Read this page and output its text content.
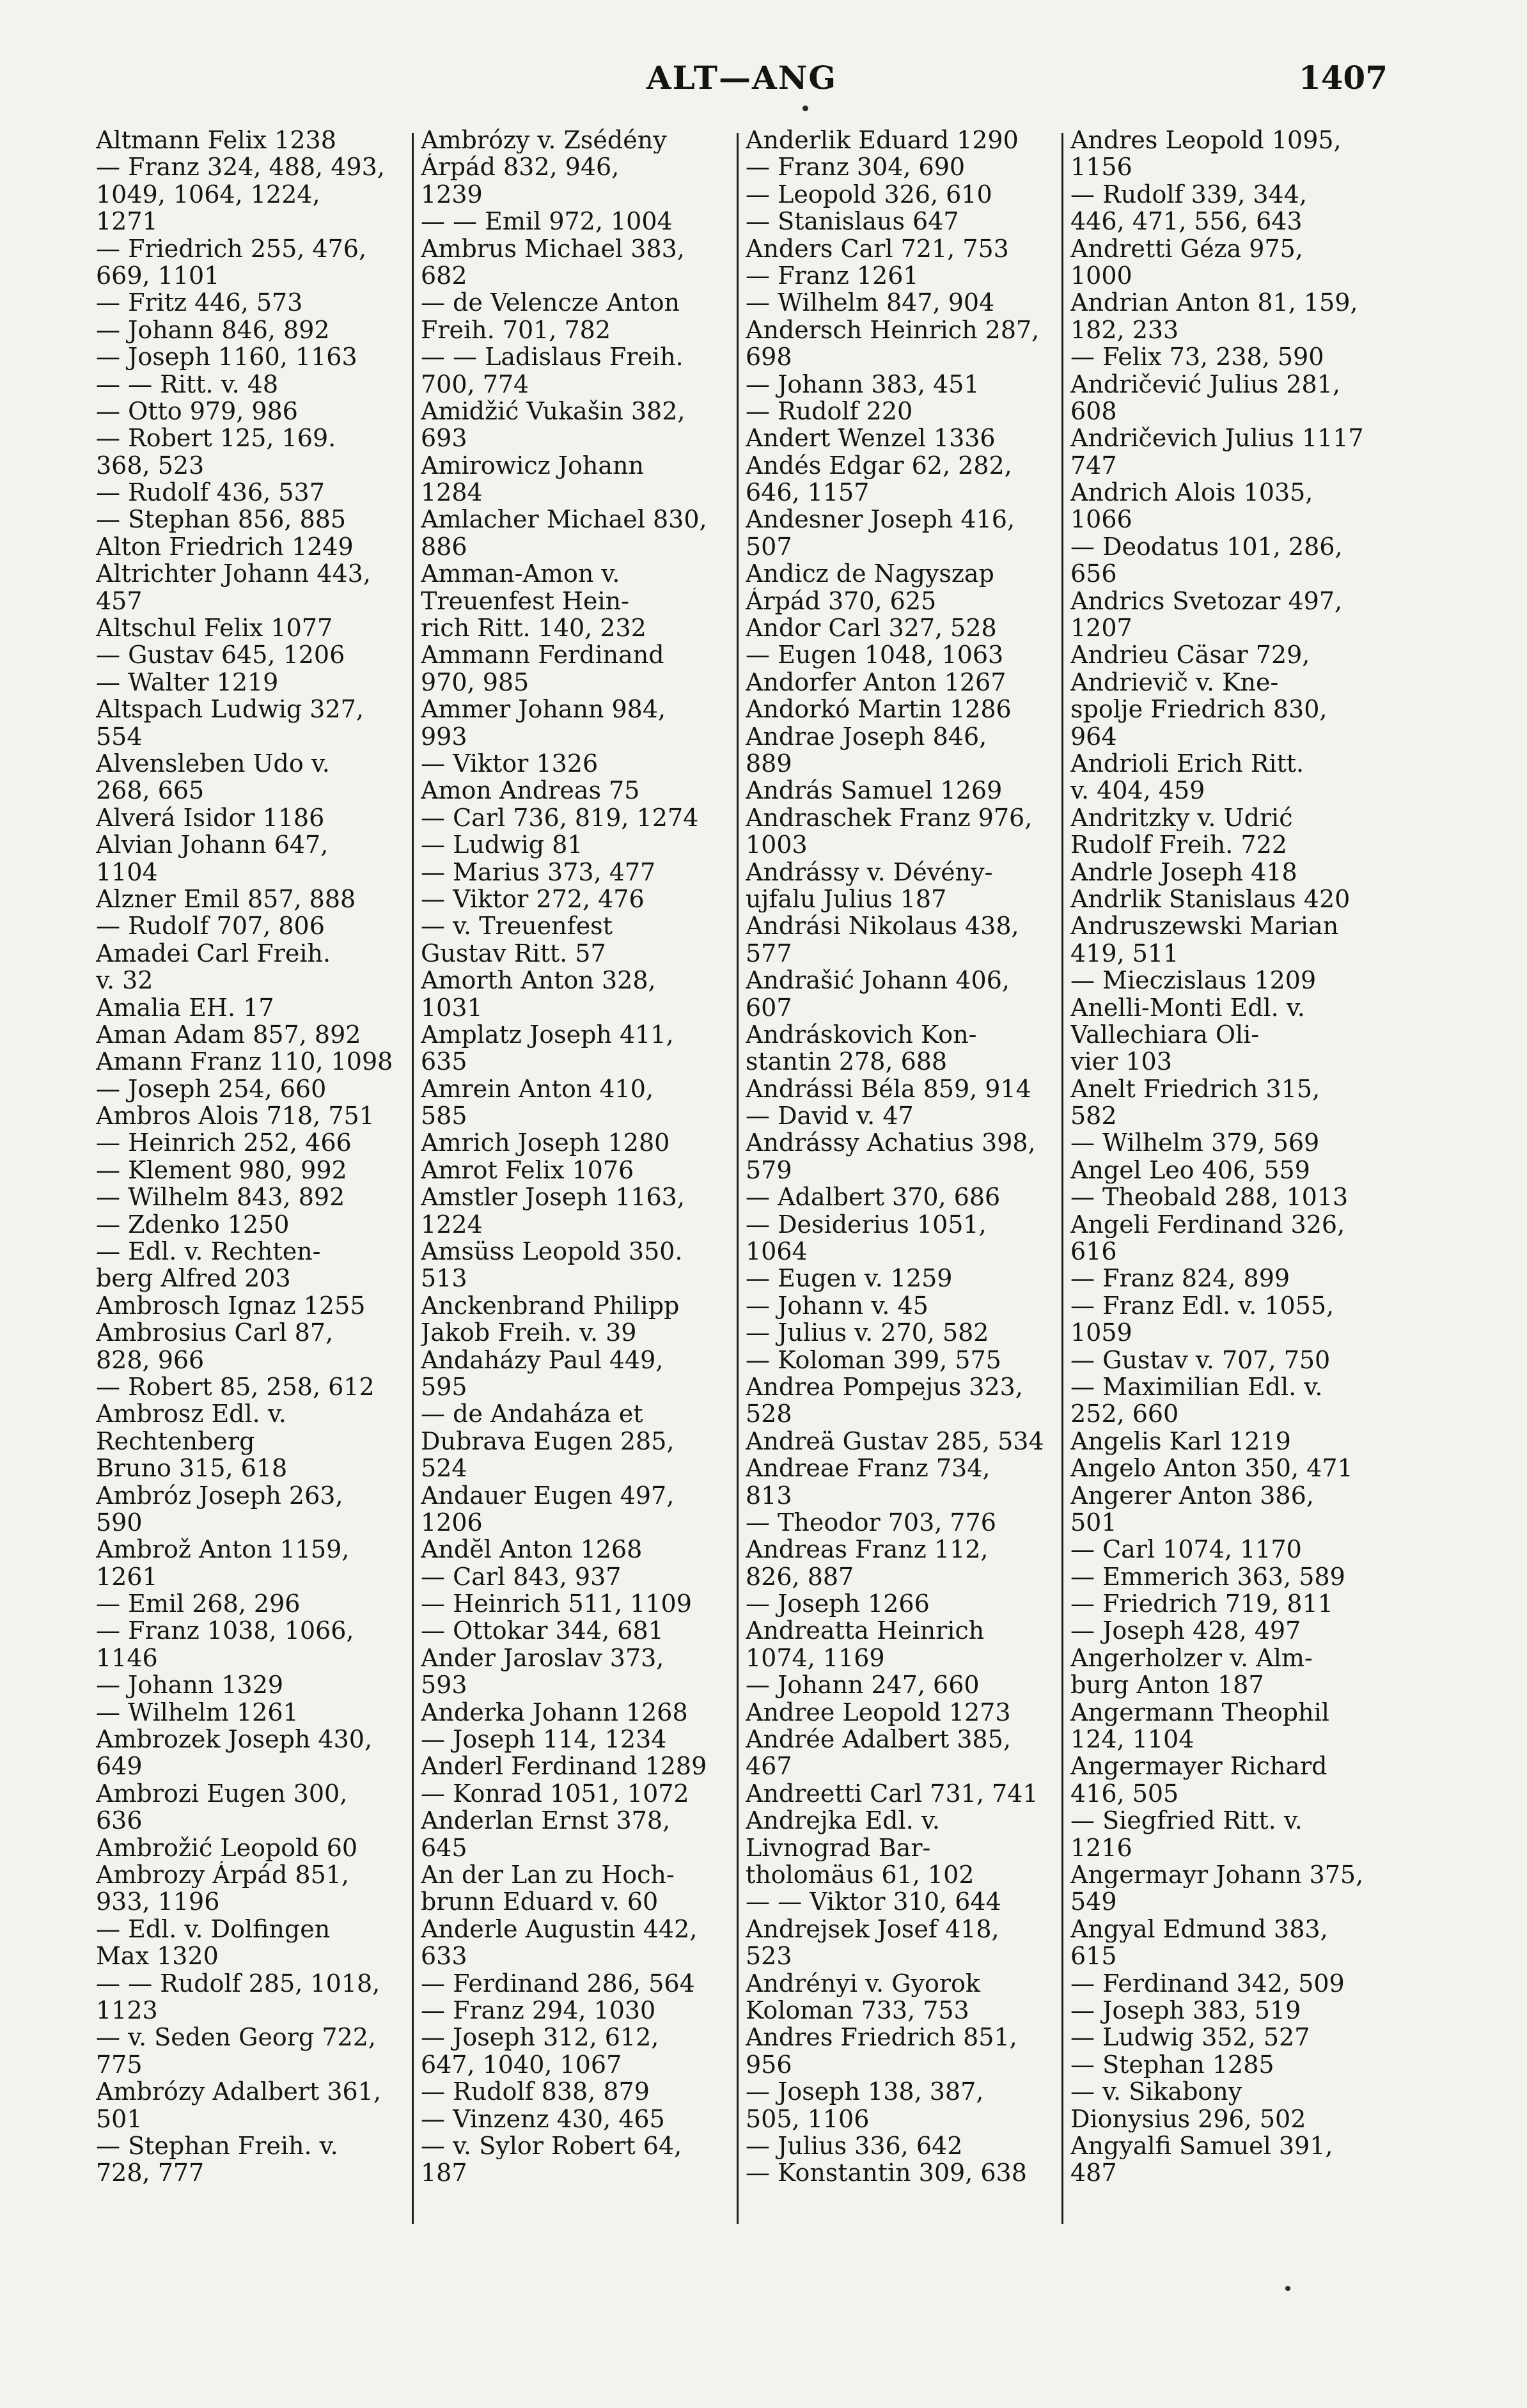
ALT—ANG	1407
Altmann Felix 1238
— Franz 324, 488, 493,
1049, 1064, 1224,
1271
— Friedrich 255, 476,
669, 1101
— Fritz 446, 573
— Johann 846, 892
— Joseph 1160, 1163
— — Ritt. v. 48
— Otto 979, 986
— Robert 125, 169.
368, 523
— Rudolf 436, 537
— Stephan 856, 885
Alton Friedrich 1249
Altrichter Johann 443,
457
Altschul Felix 1077
— Gustav 645, 1206
— Walter 1219
Altspach Ludwig 327,
554
Alvensleben Udo v.
268, 665
Alverá Isidor 1186
Alvian Johann 647,
1104
Alzner Emil 857, 888
— Rudolf 707, 806
Amadei Carl Freih.
v. 32
Amalia EH. 17
Aman Adam 857, 892
Amann Franz 110, 1098
— Joseph 254, 660
Ambros Alois 718, 751
— Heinrich 252, 466
— Klement 980, 992
— Wilhelm 843, 892
— Zdenko 1250
— Edl. v. Rechten-
berg Alfred 203
Ambrosch Ignaz 1255
Ambrosius Carl 87,
828, 966
— Robert 85, 258, 612
Ambrosz Edl. v.
Rechtenberg
Bruno 315, 618
Ambróz Joseph 263,
590
Ambrož Anton 1159,
1261
— Emil 268, 296
— Franz 1038, 1066,
1146
— Johann 1329
— Wilhelm 1261
Ambrozek Joseph 430,
649
Ambrozi Eugen 300,
636
Ambrožić Leopold 60
Ambrozy Árpád 851,
933, 1196
— Edl. v. Dolfingen
Max 1320
— — Rudolf 285, 1018,
1123
— v. Seden Georg 722,
775
Ambrózy Adalbert 361,
501
— Stephan Freih. v.
728, 777
Ambrózy v. Zsédény
Árpád 832, 946,
1239
— — Emil 972, 1004
Ambrus Michael 383,
682
— de Velencze Anton
Freih. 701, 782
— — Ladislaus Freih.
700, 774
Amidžić Vukašin 382,
693
Amirowicz Johann
1284
Amlacher Michael 830,
886
Amman-Amon v.
Treuenfest Hein-
rich Ritt. 140, 232
Ammann Ferdinand
970, 985
Ammer Johann 984,
993
— Viktor 1326
Amon Andreas 75
— Carl 736, 819, 1274
— Ludwig 81
— Marius 373, 477
— Viktor 272, 476
— v. Treuenfest
Gustav Ritt. 57
Amorth Anton 328,
1031
Amplatz Joseph 411,
635
Amrein Anton 410,
585
Amrich Joseph 1280
Amrot Felix 1076
Amstler Joseph 1163,
1224
Amsüss Leopold 350.
513
Anckenbrand Philipp
Jakob Freih. v. 39
Andaházy Paul 449,
595
— de Andaháza et
Dubrava Eugen 285,
524
Andauer Eugen 497,
1206
Andĕl Anton 1268
— Carl 843, 937
— Heinrich 511, 1109
— Ottokar 344, 681
Ander Jaroslav 373,
593
Anderka Johann 1268
— Joseph 114, 1234
Anderl Ferdinand 1289
— Konrad 1051, 1072
Anderlan Ernst 378,
645
An der Lan zu Hoch-
brunn Eduard v. 60
Anderle Augustin 442,
633
— Ferdinand 286, 564
— Franz 294, 1030
— Joseph 312, 612,
647, 1040, 1067
— Rudolf 838, 879
— Vinzenz 430, 465
— v. Sylor Robert 64,
187
Anderlik Eduard 1290
— Franz 304, 690
— Leopold 326, 610
— Stanislaus 647
Anders Carl 721, 753
— Franz 1261
— Wilhelm 847, 904
Andersch Heinrich 287,
698
— Johann 383, 451
— Rudolf 220
Andert Wenzel 1336
Andés Edgar 62, 282,
646, 1157
Andesner Joseph 416,
507
Andicz de Nagyszap
Árpád 370, 625
Andor Carl 327, 528
— Eugen 1048, 1063
Andorfer Anton 1267
Andorkó Martin 1286
Andrae Joseph 846,
889
András Samuel 1269
Andraschek Franz 976,
1003
Andrássy v. Dévény-
ujfalu Julius 187
Andrási Nikolaus 438,
577
Andrašić Johann 406,
607
Andráskovich Kon-
stantin 278, 688
Andrássi Béla 859, 914
— David v. 47
Andrássy Achatius 398,
579
— Adalbert 370, 686
— Desiderius 1051,
1064
— Eugen v. 1259
— Johann v. 45
— Julius v. 270, 582
— Koloman 399, 575
Andrea Pompejus 323,
528
Andreä Gustav 285, 534
Andreae Franz 734,
813
— Theodor 703, 776
Andreas Franz 112,
826, 887
— Joseph 1266
Andreatta Heinrich
1074, 1169
— Johann 247, 660
Andree Leopold 1273
Andrée Adalbert 385,
467
Andreetti Carl 731, 741
Andrejka Edl. v.
Livnograd Bar-
tholomäus 61, 102
— — Viktor 310, 644
Andrejsek Josef 418,
523
Andrényi v. Gyorok
Koloman 733, 753
Andres Friedrich 851,
956
— Joseph 138, 387,
505, 1106
— Julius 336, 642
— Konstantin 309, 638
Andres Leopold 1095,
1156
— Rudolf 339, 344,
446, 471, 556, 643
Andretti Géza 975,
1000
Andrian Anton 81, 159,
182, 233
— Felix 73, 238, 590
Andričević Julius 281,
608
Andričevich Julius 1117
747
Andrich Alois 1035,
1066
— Deodatus 101, 286,
656
Andrics Svetozar 497,
1207
Andrieu Cäsar 729,
Andrievič v. Kne-
spolje Friedrich 830,
964
Andrioli Erich Ritt.
v. 404, 459
Andritzky v. Udrić
Rudolf Freih. 722
Andrle Joseph 418
Andrlik Stanislaus 420
Andruszewski Marian
419, 511
— Mieczislaus 1209
Anelli-Monti Edl. v.
Vallechiara Oli-
vier 103
Anelt Friedrich 315,
582
— Wilhelm 379, 569
Angel Leo 406, 559
— Theobald 288, 1013
Angeli Ferdinand 326,
616
— Franz 824, 899
— Franz Edl. v. 1055,
1059
— Gustav v. 707, 750
— Maximilian Edl. v.
252, 660
Angelis Karl 1219
Angelo Anton 350, 471
Angerer Anton 386,
501
— Carl 1074, 1170
— Emmerich 363, 589
— Friedrich 719, 811
— Joseph 428, 497
Angerholzer v. Alm-
burg Anton 187
Angermann Theophil
124, 1104
Angermayer Richard
416, 505
— Siegfried Ritt. v.
1216
Angermayr Johann 375,
549
Angyal Edmund 383,
615
— Ferdinand 342, 509
— Joseph 383, 519
— Ludwig 352, 527
— Stephan 1285
— v. Sikabony
Dionysius 296, 502
Angyalfi Samuel 391,
487
